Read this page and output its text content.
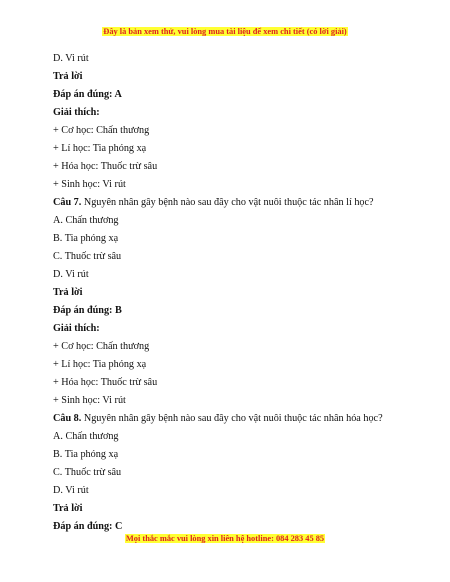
Đây là bản xem thử, vui lòng mua tài liệu để xem chi tiết (có lời giải)
D. Vi rút
Trả lời
Đáp án đúng: A
Giải thích:
+ Cơ học: Chấn thương
+ Lí học: Tia phóng xạ
+ Hóa học: Thuốc trừ sâu
+ Sinh học: Vi rút
Câu 7. Nguyên nhân gây bệnh nào sau đây cho vật nuôi thuộc tác nhân lí học?
A. Chấn thương
B. Tia phóng xạ
C. Thuốc trừ sâu
D. Vi rút
Trả lời
Đáp án đúng: B
Giải thích:
+ Cơ học: Chấn thương
+ Lí học: Tia phóng xạ
+ Hóa học: Thuốc trừ sâu
+ Sinh học: Vi rút
Câu 8. Nguyên nhân gây bệnh nào sau đây cho vật nuôi thuộc tác nhân hóa học?
A. Chấn thương
B. Tia phóng xạ
C. Thuốc trừ sâu
D. Vi rút
Trả lời
Đáp án đúng: C
Mọi thắc mắc vui lòng xin liên hệ hotline: 084 283 45 85
